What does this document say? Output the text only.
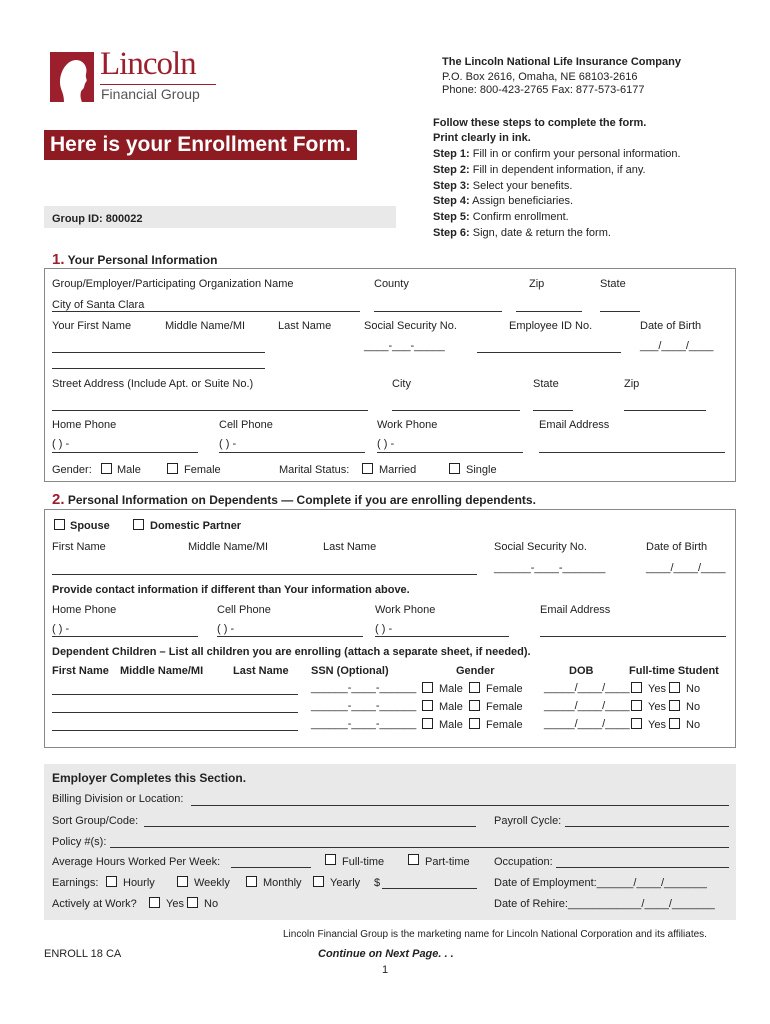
Lincoln
Financial Group
The Lincoln National Life Insurance Company
P.O. Box 2616, Omaha, NE 68103-2616
Phone: 800-423-2765 Fax: 877-573-6177
Here is your Enrollment Form.
Group ID: 800022
Follow these steps to complete the form.
Print clearly in ink.
Step 1: Fill in or confirm your personal information.
Step 2: Fill in dependent information, if any.
Step 3: Select your benefits.
Step 4: Assign beneficiaries.
Step 5: Confirm enrollment.
Step 6: Sign, date & return the form.
1. Your Personal Information
Group/Employer/Participating Organization Name	County	Zip	State
City of Santa Clara
Your First Name	Middle Name/MI	Last Name	Social Security No.	Employee ID No.	Date of Birth
____-___-_____	___/____/____
Street Address (Include Apt. or Suite No.)	City	State	Zip
Home Phone	Cell Phone	Work Phone	Email Address
( ) -	( ) -	( ) -
Gender: Male	Female	Marital Status:	Married	Single
2. Personal Information on Dependents — Complete if you are enrolling dependents.
Spouse	Domestic Partner
First Name	Middle Name/MI	Last Name	Social Security No.	Date of Birth
______-____-_______	____/____/____
Provide contact information if different than Your information above.
Home Phone	Cell Phone	Work Phone	Email Address
( ) -	( ) -	( ) -
Dependent Children – List all children you are enrolling (attach a separate sheet, if needed).
First Name Middle Name/MI	Last Name SSN (Optional)	Gender	DOB	Full-time Student
______-____-______ Male Female _____/____/____ Yes No
______-____-______ Male Female _____/____/____ Yes No
______-____-______ Male Female _____/____/____ Yes No
Employer Completes this Section.
Billing Division or Location:
Sort Group/Code:	Payroll Cycle:
Policy #(s):
Average Hours Worked Per Week:	Full-time	Part-time Occupation:
Earnings: Hourly	Weekly	Monthly	Yearly $	Date of Employment:______/____/_______
Actively at Work?	Yes No	Date of Rehire:____________/____/_______
Lincoln Financial Group is the marketing name for Lincoln National Corporation and its affiliates.
ENROLL 18 CA	Continue on Next Page. . .
1
